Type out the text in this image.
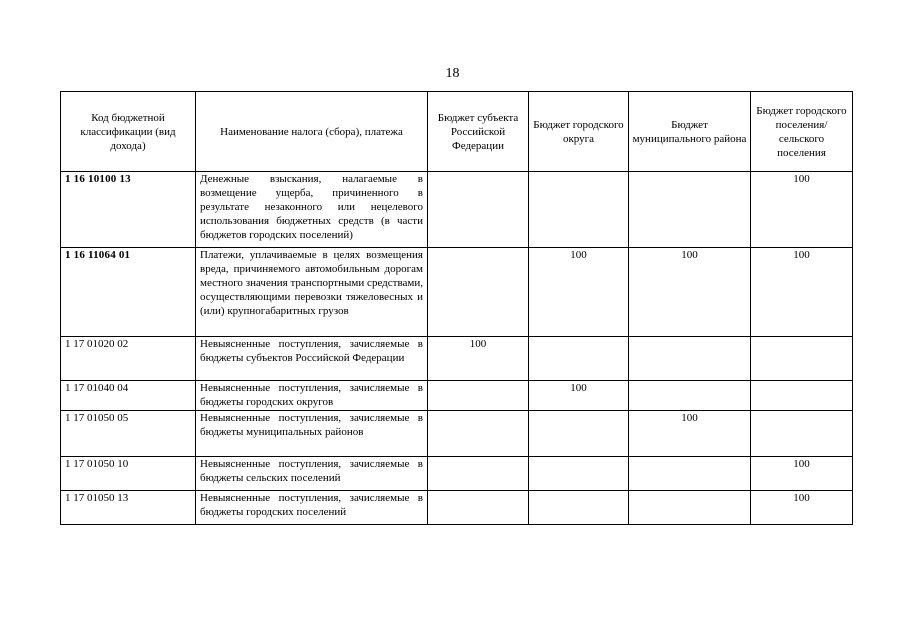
18
Код бюджетной классификации (вид дохода)	Наименование налога (сбора), платежа	Бюджет субъекта Российской Федерации	Бюджет городского округа	Бюджет муниципального района	Бюджет городского поселения/ сельского поселения
1 16 10100 13	Денежные взыскания, налагаемые в возмещение ущерба, причиненного в результате незаконного или нецелевого использования бюджетных средств (в части бюджетов городских поселений)				100
1 16 11064 01	Платежи, уплачиваемые в целях возмещения вреда, причиняемого автомобильным дорогам местного значения транспортными средствами, осуществляющими перевозки тяжеловесных и (или) крупногабаритных грузов		100	100	100
1 17 01020 02	Невыясненные поступления, зачисляемые в бюджеты субъектов Российской Федерации	100			
1 17 01040 04	Невыясненные поступления, зачисляемые в бюджеты городских округов		100		
1 17 01050 05	Невыясненные поступления, зачисляемые в бюджеты муниципальных районов			100	
1 17 01050 10	Невыясненные поступления, зачисляемые в бюджеты сельских поселений				100
1 17 01050 13	Невыясненные поступления, зачисляемые в бюджеты городских поселений				100
